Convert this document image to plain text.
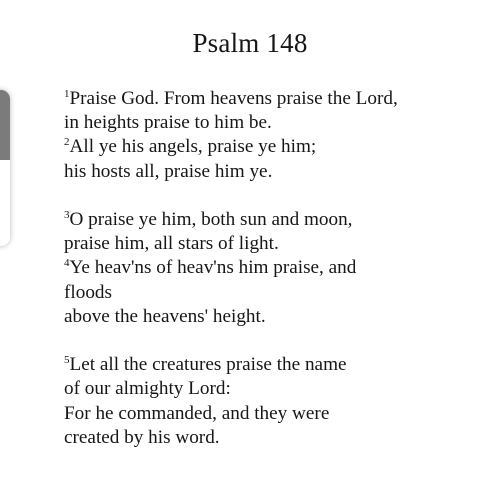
Psalm 148
$^1$Praise God. From heavens praise the Lord,
in heights praise to him be.
$^2$All ye his angels, praise ye him;
his hosts all, praise him ye.
$^3$O praise ye him, both sun and moon,
praise him, all stars of light.
$^4$Ye heav'ns of heav'ns him praise, and
floods
above the heavens' height.
$^5$Let all the creatures praise the name
of our almighty Lord:
For he commanded, and they were
created by his word.
